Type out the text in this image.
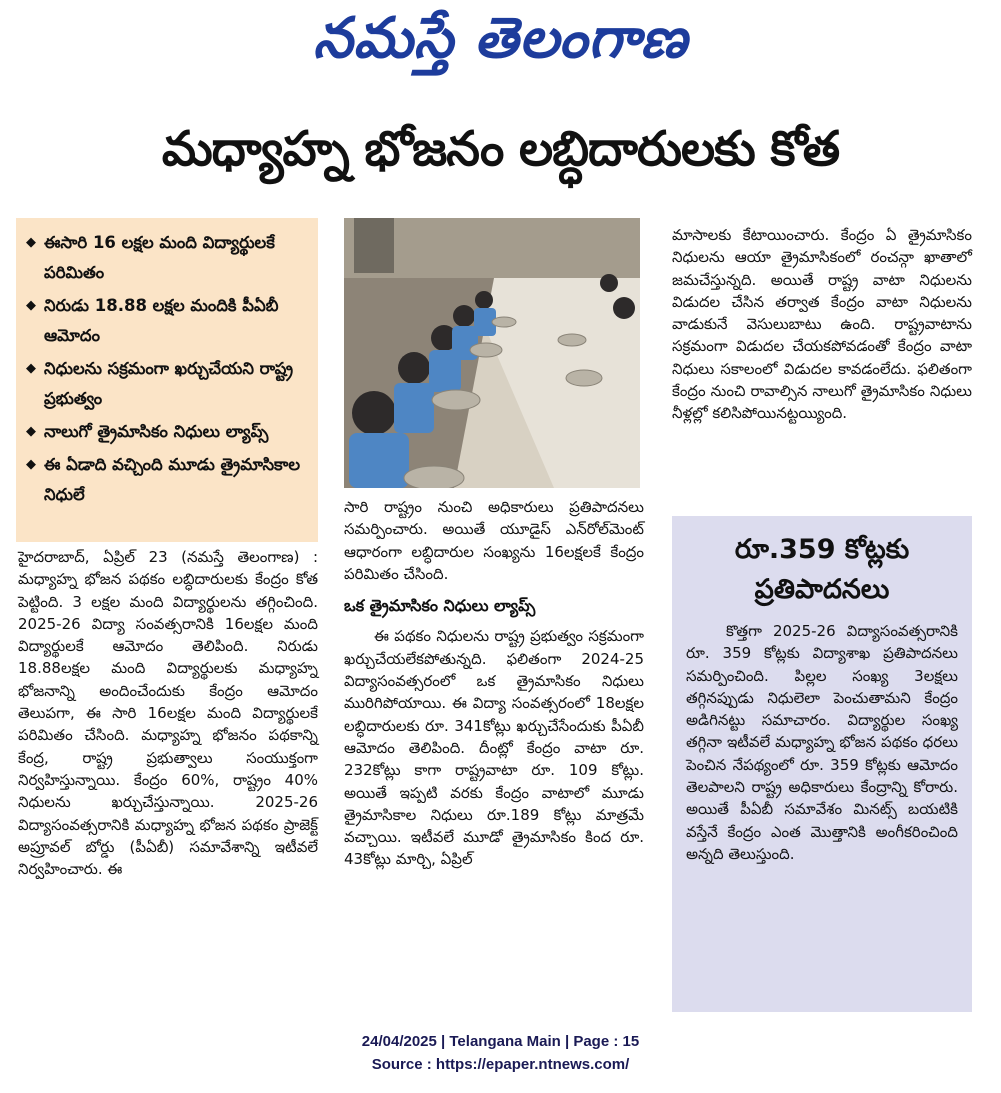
నమస్తే తెలంగాణ
మధ్యాహ్న భోజనం లబ్ధిదారులకు కోత
◆ ఈసారి 16 లక్షల మంది విద్యార్థులకే పరిమితం
◆ నిరుడు 18.88 లక్షల మందికి పీఏబీ ఆమోదం
◆ నిధులను సక్రమంగా ఖర్చుచేయని రాష్ట్ర ప్రభుత్వం
◆ నాలుగో త్రైమాసికం నిధులు ల్యాప్స్
◆ ఈ ఏడాది వచ్చింది మూడు త్రైమాసికాల నిధులే

హైదరాబాద్, ఏప్రిల్ 23 (నమస్తే తెలంగాణ) : మధ్యాహ్న భోజన పథకం లబ్ధిదారులకు కేంద్రం కోత పెట్టింది. 3 లక్షల మంది విద్యార్థులను తగ్గించింది. 2025-26 విద్యా సంవత్సరానికి 16లక్షల మంది విద్యార్థులకే ఆమోదం తెలిపింది. నిరుడు 18.88లక్షల మంది విద్యార్థులకు మధ్యాహ్న భోజనాన్ని అందించేందుకు కేంద్రం ఆమోదం తెలుపగా, ఈ సారి 16లక్షల మంది విద్యార్థులకే పరిమితం చేసింది. మధ్యాహ్న భోజనం పథకాన్ని కేంద్ర, రాష్ట్ర ప్రభుత్వాలు సంయుక్తంగా నిర్వహిస్తున్నాయి. కేంద్రం 60%, రాష్ట్రం 40% నిధులను ఖర్చుచేస్తున్నాయి. 2025-26 విద్యాసంవత్సరానికి మధ్యాహ్న భోజన పథకం ప్రాజెక్ట్ అప్రూవల్ బోర్డు (పీఏబీ) సమావేశాన్ని ఇటీవలే నిర్వహించారు. ఈ

సారి రాష్ట్రం నుంచి అధికారులు ప్రతిపాదనలు సమర్పించారు. అయితే యూడైస్ ఎన్‌రోల్‌మెంట్ ఆధారంగా లబ్ధిదారుల సంఖ్యను 16లక్షలకే కేంద్రం పరిమితం చేసింది.

ఒక త్రైమాసికం నిధులు ల్యాప్స్

ఈ పథకం నిధులను రాష్ట్ర ప్రభుత్వం సక్రమంగా ఖర్చుచేయలేకపోతున్నది. ఫలితంగా 2024-25 విద్యాసంవత్సరంలో ఒక త్రైమాసికం నిధులు మురిగిపోయాయి. ఈ విద్యా సంవత్సరంలో 18లక్షల లబ్ధిదారులకు రూ. 341కోట్లు ఖర్చుచేసేందుకు పీఏబీ ఆమోదం తెలిపింది. దీంట్లో కేంద్రం వాటా రూ. 232కోట్లు కాగా రాష్ట్రవాటా రూ. 109 కోట్లు. అయితే ఇప్పటి వరకు కేంద్రం వాటాలో మూడు త్రైమాసికాల నిధులు రూ.189 కోట్లు మాత్రమే వచ్చాయి. ఇటీవలే మూడో త్రైమాసికం కింద రూ. 43కోట్లు మార్చి, ఏప్రిల్

మాసాలకు కేటాయించారు. కేంద్రం ఏ త్రైమాసికం నిధులను ఆయా త్రైమాసికంలో రంచన్గా ఖాతాలో జమచేస్తున్నది. అయితే రాష్ట్ర వాటా నిధులను విడుదల చేసిన తర్వాత కేంద్రం వాటా నిధులను వాడుకునే వెసులుబాటు ఉంది. రాష్ట్రవాటాను సక్రమంగా విడుదల చేయకపోవడంతో కేంద్రం వాటా నిధులు సకాలంలో విడుదల కావడంలేదు. ఫలితంగా కేంద్రం నుంచి రావాల్సిన నాలుగో త్రైమాసికం నిధులు నీళ్లల్లో కలిసిపోయినట్టయ్యింది.

రూ.359 కోట్లకు
ప్రతిపాదనలు

కొత్తగా 2025-26 విద్యాసంవత్సరానికి రూ. 359 కోట్లకు విద్యాశాఖ ప్రతిపాదనలు సమర్పించింది. పిల్లల సంఖ్య 3లక్షలు తగ్గినప్పుడు నిధులెలా పెంచుతామని కేంద్రం అడిగినట్టు సమాచారం. విద్యార్థుల సంఖ్య తగ్గినా ఇటీవలే మధ్యాహ్న భోజన పథకం ధరలు పెంచిన నేపథ్యంలో రూ. 359 కోట్లకు ఆమోదం తెలపాలని రాష్ట్ర అధికారులు కేంద్రాన్ని కోరారు. అయితే పీఏబీ సమావేశం మినట్స్ బయటికి వస్తేనే కేంద్రం ఎంత మొత్తానికి అంగీకరించింది అన్నది తెలుస్తుంది.

24/04/2025 | Telangana Main | Page : 15
Source : https://epaper.ntnews.com/
